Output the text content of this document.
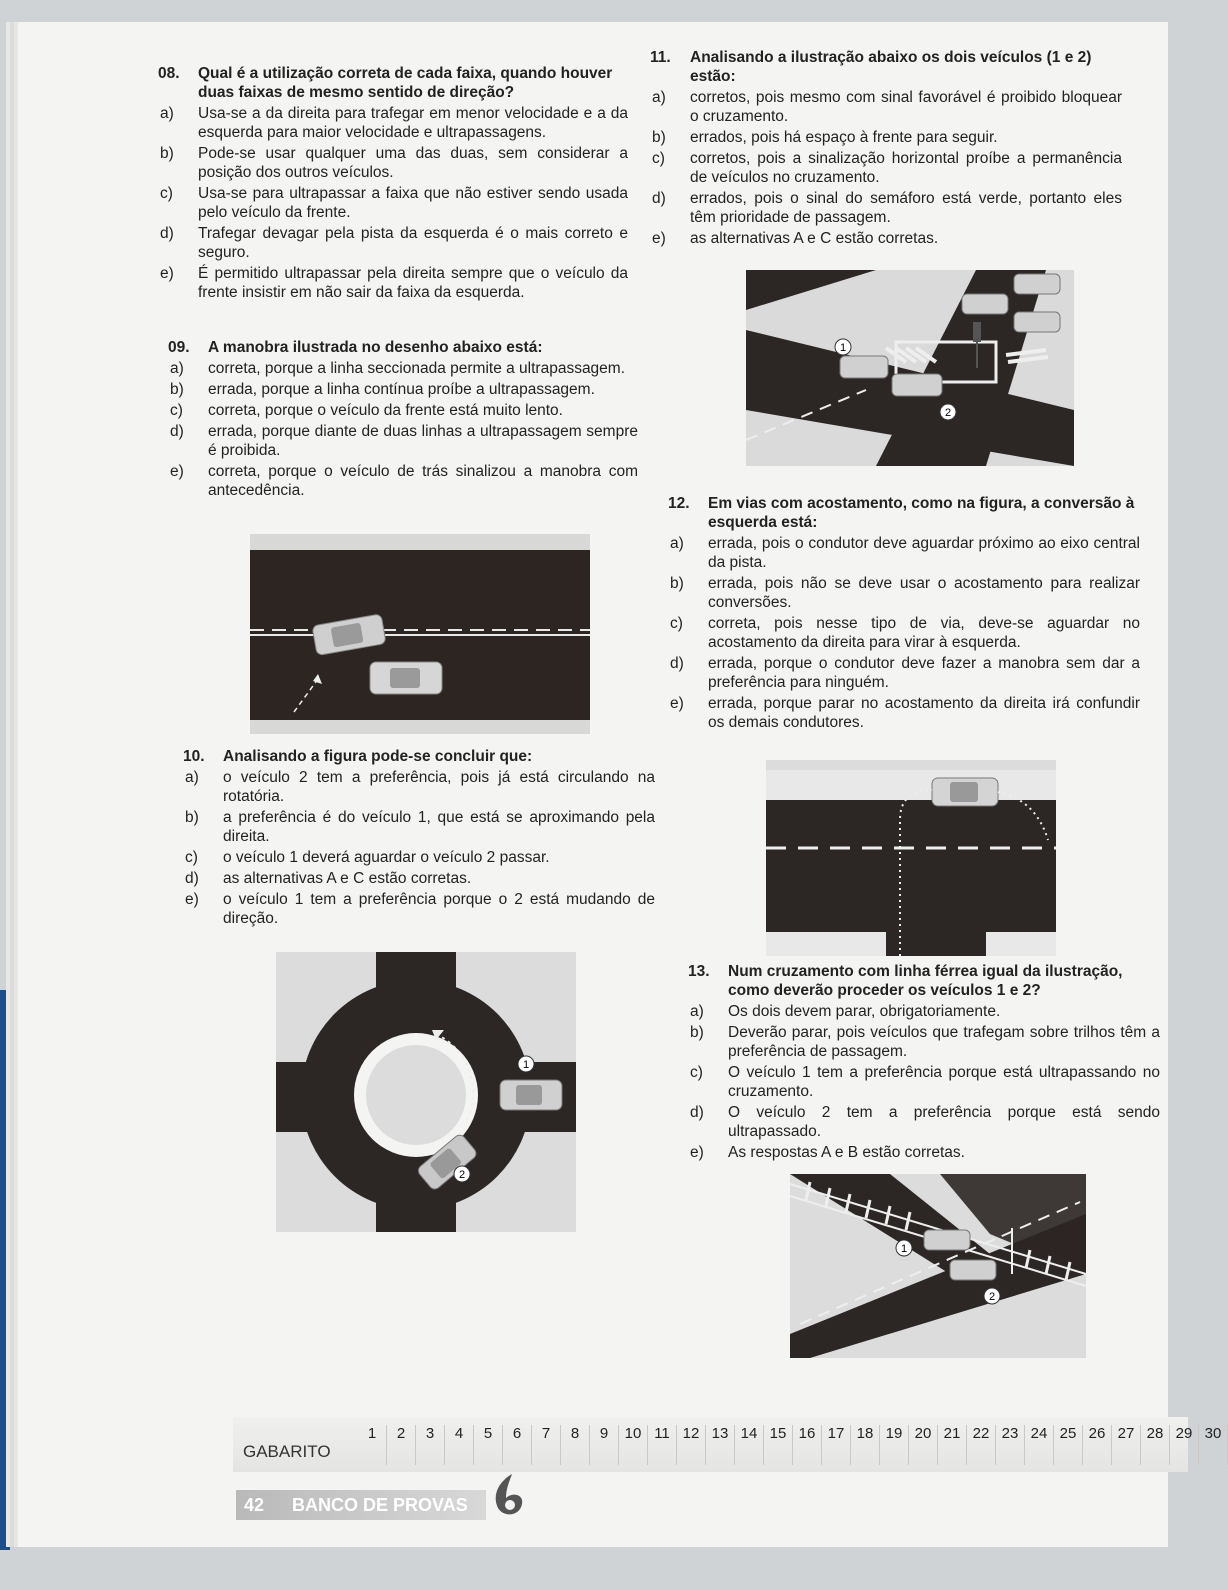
08.	Qual é a utilização correta de cada faixa, quando houver duas faixas de mesmo sentido de direção?
a)	Usa-se a da direita para trafegar em menor velocidade e a da esquerda para maior velocidade e ultrapassagens.
b)	Pode-se usar qualquer uma das duas, sem considerar a posição dos outros veículos.
c)	Usa-se para ultrapassar a faixa que não estiver sendo usada pelo veículo da frente.
d)	Trafegar devagar pela pista da esquerda é o mais correto e seguro.
e)	É permitido ultrapassar pela direita sempre que o veículo da frente insistir em não sair da faixa da esquerda.
09.	A manobra ilustrada no desenho abaixo está:
a)	correta, porque a linha seccionada permite a ultrapassagem.
b)	errada, porque a linha contínua proíbe a ultrapassagem.
c)	correta, porque o veículo da frente está muito lento.
d)	errada, porque diante de duas linhas a ultrapassagem sempre é proibida.
e)	correta, porque o veículo de trás sinalizou a manobra com antecedência.
10.	Analisando a figura pode-se concluir que:
a)	o veículo 2 tem a preferência, pois já está circulando na rotatória.
b)	a preferência é do veículo 1, que está se aproximando pela direita.
c)	o veículo 1 deverá aguardar o veículo 2 passar.
d)	as alternativas A e C estão corretas.
e)	o veículo 1 tem a preferência porque o 2 está mudando de direção.
11.	Analisando a ilustração abaixo os dois veículos (1 e 2) estão:
a)	corretos, pois mesmo com sinal favorável é proibido bloquear o cruzamento.
b)	errados, pois há espaço à frente para seguir.
c)	corretos, pois a sinalização horizontal proíbe a permanência de veículos no cruzamento.
d)	errados, pois o sinal do semáforo está verde, portanto eles têm prioridade de passagem.
e)	as alternativas A e C estão corretas.
12.	Em vias com acostamento, como na figura, a conversão à esquerda está:
a)	errada, pois o condutor deve aguardar próximo ao eixo central da pista.
b)	errada, pois não se deve usar o acostamento para realizar conversões.
c)	correta, pois nesse tipo de via, deve-se aguardar no acostamento da direita para virar à esquerda.
d)	errada, porque o condutor deve fazer a manobra sem dar a preferência para ninguém.
e)	errada, porque parar no acostamento da direita irá confundir os demais condutores.
13.	Num cruzamento com linha férrea igual da ilustração, como deverão proceder os veículos 1 e 2?
a)	Os dois devem parar, obrigatoriamente.
b)	Deverão parar, pois veículos que trafegam sobre trilhos têm a preferência de passagem.
c)	O veículo 1 tem a preferência porque está ultrapassando no cruzamento.
d)	O veículo 2 tem a preferência porque está sendo ultrapassado.
e)	As respostas A e B estão corretas.
1
2
1
2
1
2
GABARITO
1	2	3	4	5	6	7	8	9	10 11 12 13 14 15 16 17 18 19 20 21 22 23 24 25 26 27 28 29 30
42 BANCO DE PROVAS
